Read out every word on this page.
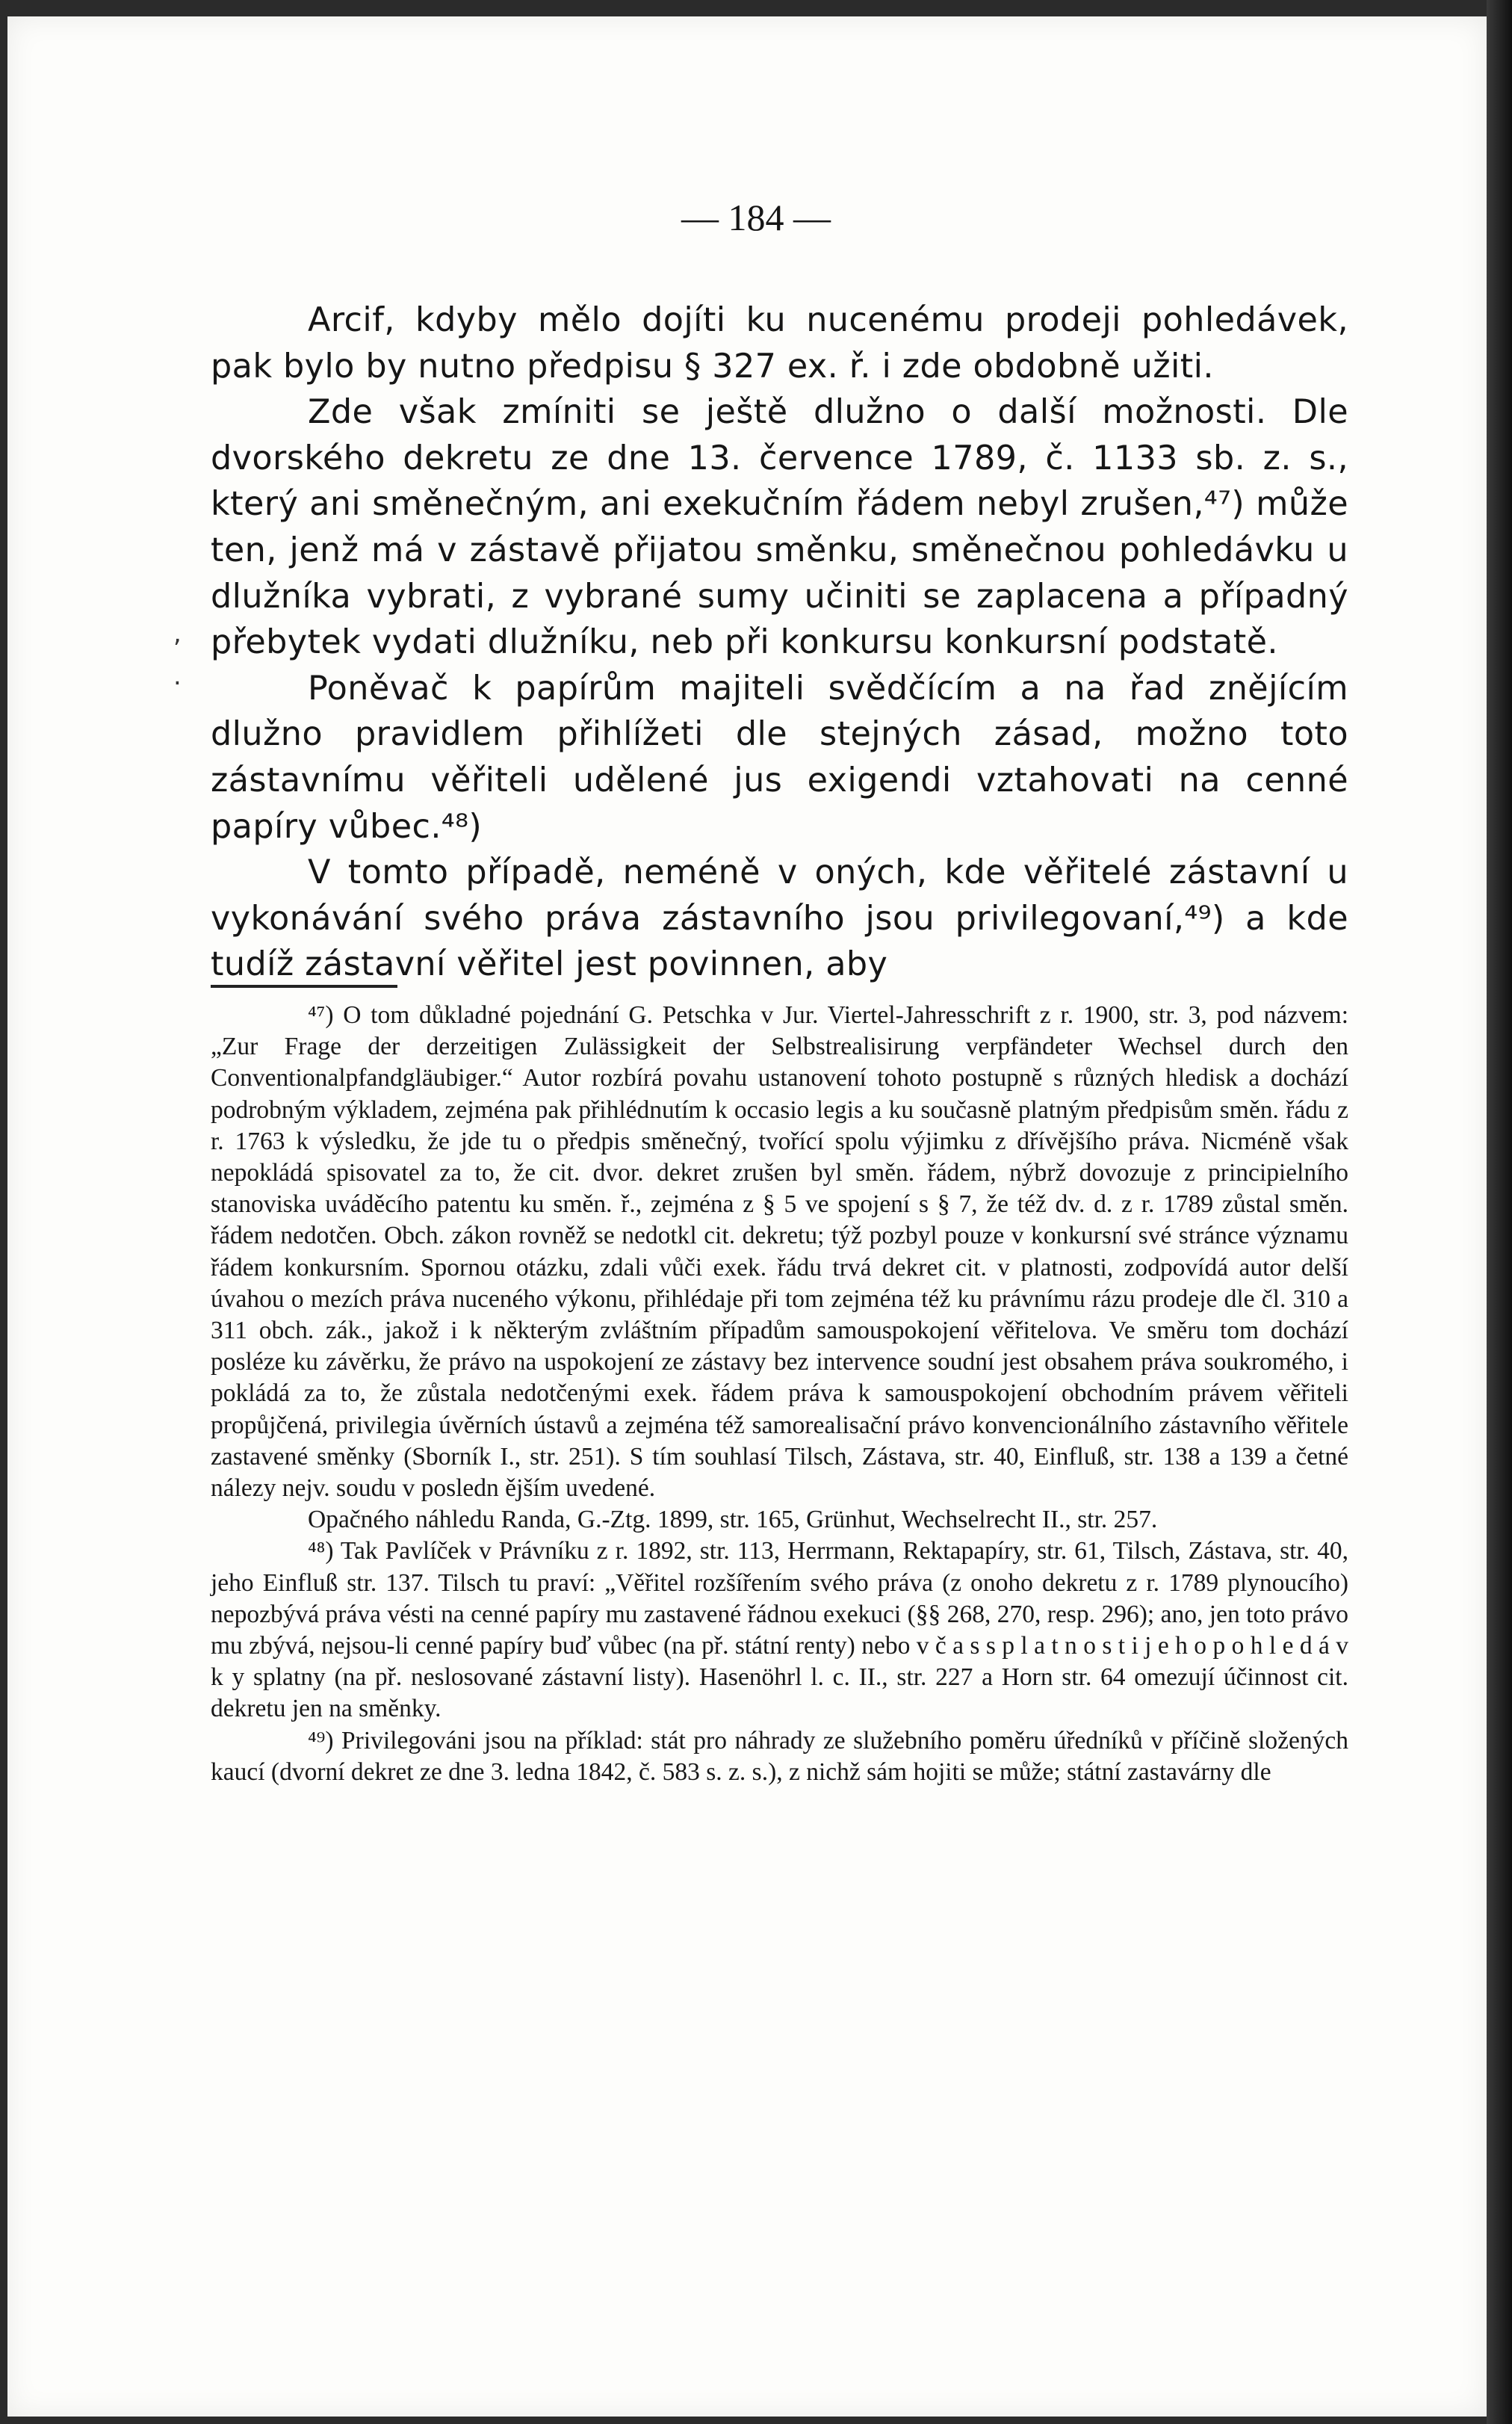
— 184 —
,
.

Arcif, kdyby mělo dojíti ku nucenému prodeji pohledávek, pak bylo by nutno předpisu § 327 ex. ř. i zde obdobně užiti.

Zde však zmíniti se ještě dlužno o další možnosti. Dle dvorského dekretu ze dne 13. července 1789, č. 1133 sb. z. s., který ani směnečným, ani exekučním řádem nebyl zrušen,⁴⁷) může ten, jenž má v zástavě přijatou směnku, směnečnou pohledávku u dlužníka vybrati, z vybrané sumy učiniti se zaplacena a případný přebytek vydati dlužníku, neb při konkursu konkursní podstatě.

Poněvač k papírům majiteli svědčícím a na řad znějícím dlužno pravidlem přihlížeti dle stejných zásad, možno toto zástavnímu věřiteli udělené jus exigendi vztahovati na cenné papíry vůbec.⁴⁸)

V tomto případě, neméně v oných, kde věřitelé zástavní u vykonávání svého práva zástavního jsou privilegovaní,⁴⁹) a kde tudíž zástavní věřitel jest povinnen, aby

⁴⁷) O tom důkladné pojednání G. Petschka v Jur. Viertel-Jahresschrift z r. 1900, str. 3, pod názvem: „Zur Frage der derzeitigen Zulässigkeit der Selbstrealisirung verpfändeter Wechsel durch den Conventionalpfandgläubiger.“ Autor rozbírá povahu ustanovení tohoto postupně s různých hledisk a dochází podrobným výkladem, zejména pak přihlédnutím k occasio legis a ku současně platným předpisům směn. řádu z r. 1763 k výsledku, že jde tu o předpis směnečný, tvořící spolu výjimku z dřívějšího práva. Nicméně však nepokládá spisovatel za to, že cit. dvor. dekret zrušen byl směn. řádem, nýbrž dovozuje z principielního stanoviska uváděcího patentu ku směn. ř., zejména z § 5 ve spojení s § 7, že též dv. d. z r. 1789 zůstal směn. řádem nedotčen. Obch. zákon rovněž se nedotkl cit. dekretu; týž pozbyl pouze v konkursní své stránce významu řádem konkursním. Spornou otázku, zdali vůči exek. řádu trvá dekret cit. v platnosti, zodpovídá autor delší úvahou o mezích práva nuceného výkonu, přihlédaje při tom zejména též ku právnímu rázu prodeje dle čl. 310 a 311 obch. zák., jakož i k některým zvláštním případům samouspokojení věřitelova. Ve směru tom dochází posléze ku závěrku, že právo na uspokojení ze zástavy bez intervence soudní jest obsahem práva soukromého, i pokládá za to, že zůstala nedotčenými exek. řádem práva k samouspokojení obchodním právem věřiteli propůjčená, privilegia úvěrních ústavů a zejména též samorealisační právo konvencionálního zástavního věřitele zastavené směnky (Sborník I., str. 251). S tím souhlasí Tilsch, Zástava, str. 40, Einfluß, str. 138 a 139 a četné nálezy nejv. soudu v posledn ějším uvedené.

Opačného náhledu Randa, G.-Ztg. 1899, str. 165, Grünhut, Wechselrecht II., str. 257.

⁴⁸) Tak Pavlíček v Právníku z r. 1892, str. 113, Herrmann, Rektapapíry, str. 61, Tilsch, Zástava, str. 40, jeho Einfluß str. 137. Tilsch tu praví: „Věřitel rozšířením svého práva (z onoho dekretu z r. 1789 plynoucího) nepozbývá práva vésti na cenné papíry mu zastavené řádnou exekuci (§§ 268, 270, resp. 296); ano, jen toto právo mu zbývá, nejsou-li cenné papíry buď vůbec (na př. státní renty) nebo v č a s s p l a t n o s t i j e h o p o h l e d á v k y splatny (na př. neslosované zástavní listy). Hasenöhrl l. c. II., str. 227 a Horn str. 64 omezují účinnost cit. dekretu jen na směnky.

⁴⁹) Privilegováni jsou na příklad: stát pro náhrady ze služebního poměru úředníků v příčině složených kaucí (dvorní dekret ze dne 3. ledna 1842, č. 583 s. z. s.), z nichž sám hojiti se může; státní zastavárny dle
